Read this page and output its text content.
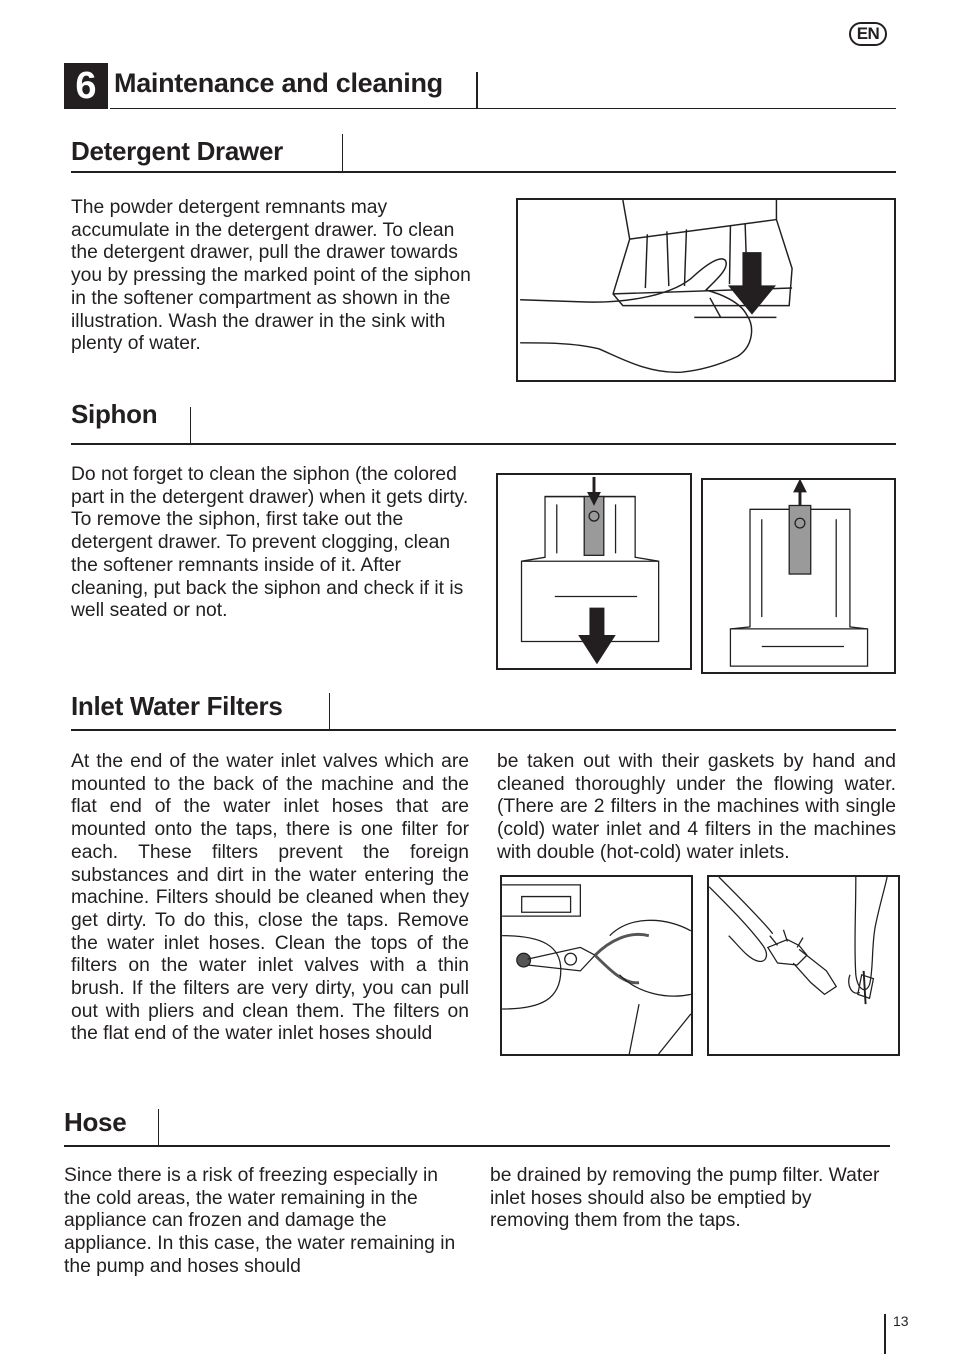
EN
6 Maintenance and cleaning
Detergent Drawer
The powder detergent remnants may accumulate in the detergent drawer. To clean the detergent drawer, pull the drawer towards you by pressing the marked point of the siphon in the softener compartment as shown in the illustration. Wash the drawer in the sink with plenty of water.
Siphon
Do not forget to clean the siphon (the colored part in the detergent drawer) when it gets dirty. To remove the siphon, first take out the detergent drawer. To prevent clogging, clean the softener remnants inside of it. After cleaning, put back the siphon and check if it is well seated or not.
Inlet Water Filters
At the end of the water inlet valves which are mounted to the back of the machine and the flat end of the water inlet hoses that are mounted onto the taps, there is one filter for each. These filters prevent the foreign substances and dirt in the water entering the machine. Filters should be cleaned when they get dirty. To do this, close the taps. Remove the water inlet hoses. Clean the tops of the filters on the water inlet valves with a thin brush. If the filters are very dirty, you can pull out with pliers and clean them. The filters on the flat end of the water inlet hoses should
be taken out with their gaskets by hand and cleaned thoroughly under the flowing water. (There are 2 filters in the machines with single (cold) water inlet and 4 filters in the machines with double (hot-cold) water inlets.
Hose
Since there is a risk of freezing especially in the cold areas, the water remaining in the appliance can frozen and damage the appliance. In this case, the water remaining in the pump and hoses should
be drained by removing the pump filter. Water inlet hoses should also be emptied by removing them from the taps.
13
